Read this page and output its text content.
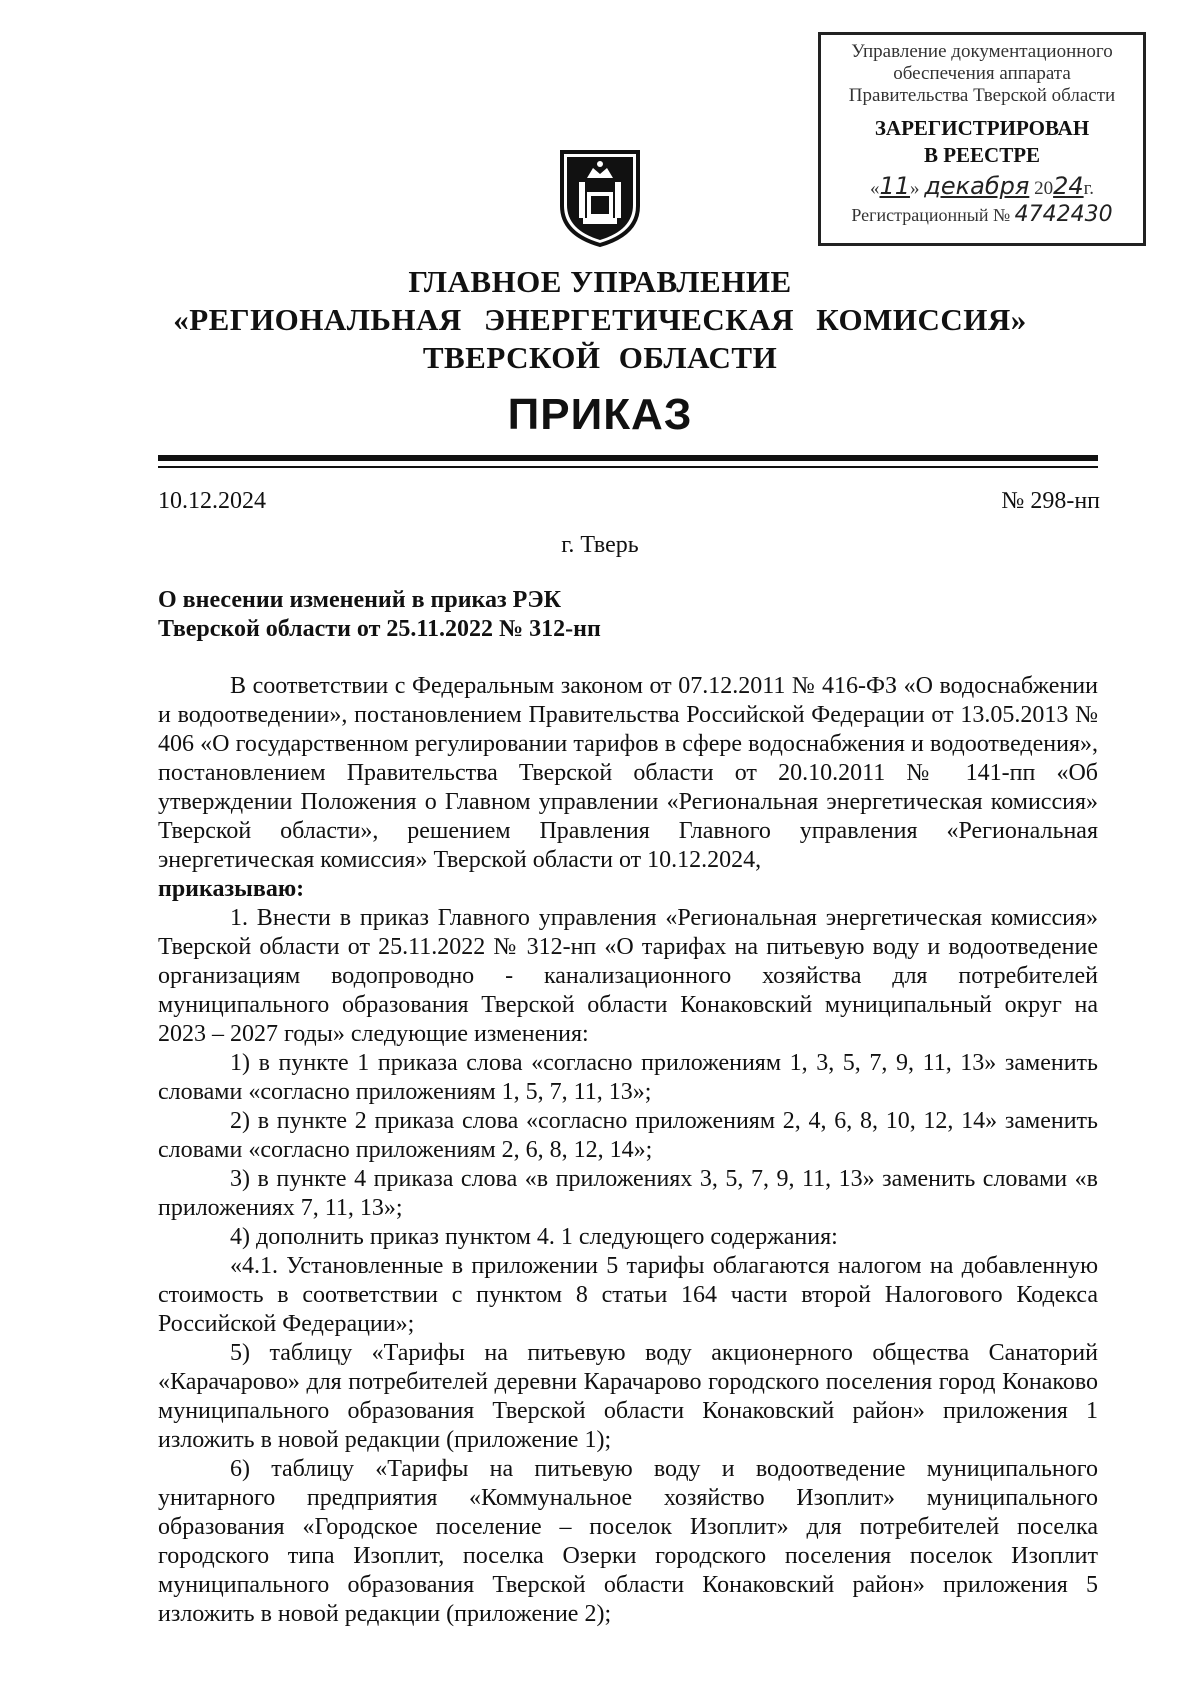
Управление документационного
обеспечения аппарата
Правительства Тверской области
ЗАРЕГИСТРИРОВАН
В РЕЕСТРЕ
«11» декабря 2024г.
Регистрационный № 4742430
ГЛАВНОЕ УПРАВЛЕНИЕ
«РЕГИОНАЛЬНАЯ ЭНЕРГЕТИЧЕСКАЯ КОМИССИЯ»
ТВЕРСКОЙ ОБЛАСТИ
ПРИКАЗ
10.12.2024	№ 298-нп
г. Тверь
О внесении изменений в приказ РЭК
Тверской области от 25.11.2022 № 312-нп

В соответствии с Федеральным законом от 07.12.2011 № 416-ФЗ «О водоснабжении и водоотведении», постановлением Правительства Российской Федерации от 13.05.2013 № 406 «О государственном регулировании тарифов в сфере водоснабжения и водоотведения», постановлением Правительства Тверской области от 20.10.2011 № 141-пп «Об утверждении Положения о Главном управлении «Региональная энергетическая комиссия» Тверской области», решением Правления Главного управления «Региональная энергетическая комиссия» Тверской области от 10.12.2024,

приказываю:

1. Внести в приказ Главного управления «Региональная энергетическая комиссия» Тверской области от 25.11.2022 № 312-нп «О тарифах на питьевую воду и водоотведение организациям водопроводно - канализационного хозяйства для потребителей муниципального образования Тверской области Конаковский муниципальный округ на 2023 – 2027 годы» следующие изменения:

1) в пункте 1 приказа слова «согласно приложениям 1, 3, 5, 7, 9, 11, 13» заменить словами «согласно приложениям 1, 5, 7, 11, 13»;

2) в пункте 2 приказа слова «согласно приложениям 2, 4, 6, 8, 10, 12, 14» заменить словами «согласно приложениям 2, 6, 8, 12, 14»;

3) в пункте 4 приказа слова «в приложениях 3, 5, 7, 9, 11, 13» заменить словами «в приложениях 7, 11, 13»;

4) дополнить приказ пунктом 4. 1 следующего содержания:

«4.1. Установленные в приложении 5 тарифы облагаются налогом на добавленную стоимость в соответствии с пунктом 8 статьи 164 части второй Налогового Кодекса Российской Федерации»;

5) таблицу «Тарифы на питьевую воду акционерного общества Санаторий «Карачарово» для потребителей деревни Карачарово городского поселения город Конаково муниципального образования Тверской области Конаковский район» приложения 1 изложить в новой редакции (приложение 1);

6) таблицу «Тарифы на питьевую воду и водоотведение муниципального унитарного предприятия «Коммунальное хозяйство Изоплит» муниципального образования «Городское поселение – поселок Изоплит» для потребителей поселка городского типа Изоплит, поселка Озерки городского поселения поселок Изоплит муниципального образования Тверской области Конаковский район» приложения 5 изложить в новой редакции (приложение 2);
